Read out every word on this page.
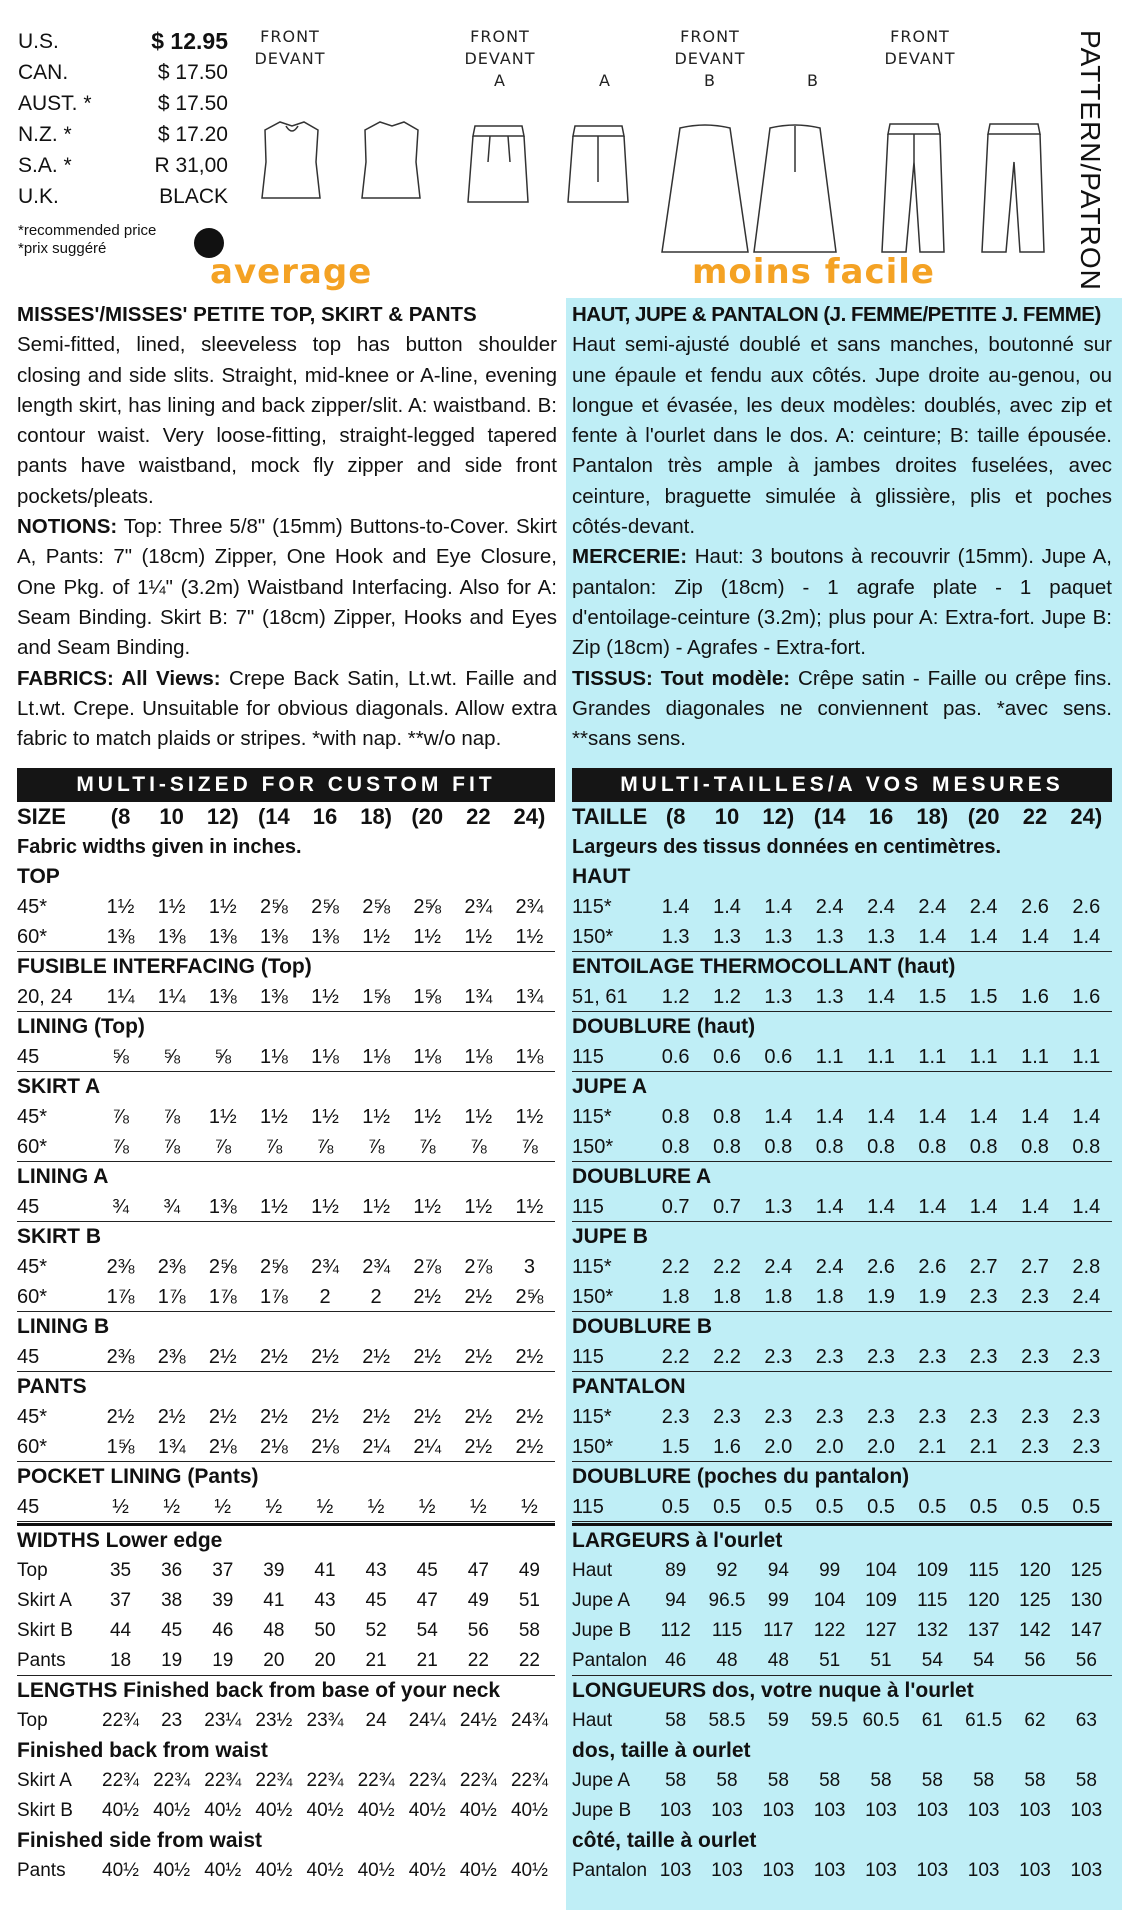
U.S.	$ 12.95
CAN.	$ 17.50
AUST. *	$ 17.50
N.Z. *	$ 17.20
S.A. *	R 31,00
U.K.	BLACK
*recommended price
*prix suggéré
FRONT
DEVANT
FRONT
DEVANT
A	A
FRONT
DEVANT
B	B
FRONT
DEVANT	PATTERN/PATRON
average	moins facile

MISSES'/MISSES' PETITE TOP, SKIRT & PANTS

Semi-fitted, lined, sleeveless top has button shoulder closing and side slits. Straight, mid-knee or A-line, evening length skirt, has lining and back zipper/slit. A: waistband. B: contour waist. Very loose-fitting, straight-legged tapered pants have waistband, mock fly zipper and side front pockets/pleats.

NOTIONS: Top: Three 5/8" (15mm) Buttons-to-Cover. Skirt A, Pants: 7" (18cm) Zipper, One Hook and Eye Closure, One Pkg. of 1¼" (3.2m) Waistband Interfacing. Also for A: Seam Binding. Skirt B: 7" (18cm) Zipper, Hooks and Eyes and Seam Binding.

FABRICS: All Views: Crepe Back Satin, Lt.wt. Faille and Lt.wt. Crepe. Unsuitable for obvious diagonals. Allow extra fabric to match plaids or stripes. *with nap. **w/o nap.

HAUT, JUPE & PANTALON (J. FEMME/PETITE J. FEMME)

Haut semi-ajusté doublé et sans manches, boutonné sur une épaule et fendu aux côtés. Jupe droite au-genou, ou longue et évasée, les deux modèles: doublés, avec zip et fente à l'ourlet dans le dos. A: ceinture; B: taille épousée. Pantalon très ample à jambes droites fuselées, avec ceinture, braguette simulée à glissière, plis et poches côtés-devant.

MERCERIE: Haut: 3 boutons à recouvrir (15mm). Jupe A, pantalon: Zip (18cm) - 1 agrafe plate - 1 paquet d'entoilage-ceinture (3.2m); plus pour A: Extra-fort. Jupe B: Zip (18cm) - Agrafes - Extra-fort.

TISSUS: Tout modèle: Crêpe satin - Faille ou crêpe fins. Grandes diagonales ne conviennent pas. *avec sens. **sans sens.

MULTI-SIZED FOR CUSTOM FIT	MULTI-TAILLES/A VOS MESURES
SIZE	(8	10	12) (14	16	18) (20	22	24)
Fabric widths given in inches.
TOP
45*	1½	1½	1½	2⅝	2⅝	2⅝	2⅝	2¾	2¾
60*	1⅜	1⅜	1⅜	1⅜	1⅜	1½	1½	1½	1½
FUSIBLE INTERFACING (Top)
20, 24	1¼	1¼	1⅜	1⅜	1½	1⅝	1⅝	1¾	1¾
LINING (Top)
45	⅝	⅝	⅝	1⅛	1⅛	1⅛	1⅛	1⅛	1⅛
SKIRT A
45*	⅞	⅞	1½	1½	1½	1½	1½	1½	1½
60*	⅞	⅞	⅞	⅞	⅞	⅞	⅞	⅞	⅞
LINING A
45	¾	¾	1⅜	1½	1½	1½	1½	1½	1½
SKIRT B
45*	2⅜	2⅜	2⅝	2⅝	2¾	2¾	2⅞	2⅞	3
60*	1⅞	1⅞	1⅞	1⅞	2	2	2½	2½	2⅝
LINING B
45	2⅜	2⅜	2½	2½	2½	2½	2½	2½	2½
PANTS
45*	2½	2½	2½	2½	2½	2½	2½	2½	2½
60*	1⅝	1¾	2⅛	2⅛	2⅛	2¼	2¼	2½	2½
POCKET LINING (Pants)
45	½	½	½	½	½	½	½	½	½
WIDTHS Lower edge
Top	35	36	37	39	41	43	45	47	49
Skirt A	37	38	39	41	43	45	47	49	51
Skirt B	44	45	46	48	50	52	54	56	58
Pants	18	19	19	20	20	21	21	22	22
LENGTHS Finished back from base of your neck
Top	22¾	23	23¼ 23½ 23¾	24	24¼ 24½ 24¾
Finished back from waist
Skirt A 22¾ 22¾ 22¾ 22¾ 22¾ 22¾ 22¾ 22¾ 22¾
Skirt B 40½ 40½ 40½ 40½ 40½ 40½ 40½ 40½ 40½
Finished side from waist
Pants 40½ 40½ 40½ 40½ 40½ 40½ 40½ 40½ 40½
TAILLE (8	10	12) (14	16	18) (20	22	24)
Largeurs des tissus données en centimètres.
HAUT
115*	1.4	1.4	1.4	2.4	2.4	2.4	2.4	2.6	2.6
150*	1.3	1.3	1.3	1.3	1.3	1.4	1.4	1.4	1.4
ENTOILAGE THERMOCOLLANT (haut)
51, 61	1.2	1.2	1.3	1.3	1.4	1.5	1.5	1.6	1.6
DOUBLURE (haut)
115	0.6	0.6	0.6	1.1	1.1	1.1	1.1	1.1	1.1
JUPE A
115*	0.8	0.8	1.4	1.4	1.4	1.4	1.4	1.4	1.4
150*	0.8	0.8	0.8	0.8	0.8	0.8	0.8	0.8	0.8
DOUBLURE A
115	0.7	0.7	1.3	1.4	1.4	1.4	1.4	1.4	1.4
JUPE B
115*	2.2	2.2	2.4	2.4	2.6	2.6	2.7	2.7	2.8
150*	1.8	1.8	1.8	1.8	1.9	1.9	2.3	2.3	2.4
DOUBLURE B
115	2.2	2.2	2.3	2.3	2.3	2.3	2.3	2.3	2.3
PANTALON
115*	2.3	2.3	2.3	2.3	2.3	2.3	2.3	2.3	2.3
150*	1.5	1.6	2.0	2.0	2.0	2.1	2.1	2.3	2.3
DOUBLURE (poches du pantalon)
115	0.5	0.5	0.5	0.5	0.5	0.5	0.5	0.5	0.5
LARGEURS à l'ourlet
Haut	89	92	94	99	104	109	115	120	125
Jupe A	94	96.5	99	104	109	115	120	125	130
Jupe B	112	115	117	122	127	132	137	142	147
Pantalon 46	48	48	51	51	54	54	56	56
LONGUEURS dos, votre nuque à l'ourlet
Haut	58	58.5	59	59.5 60.5	61	61.5	62	63
dos, taille à ourlet
Jupe A	58	58	58	58	58	58	58	58	58
Jupe B	103	103	103	103	103	103	103	103	103
côté, taille à ourlet
Pantalon 103	103	103	103	103	103	103	103	103
